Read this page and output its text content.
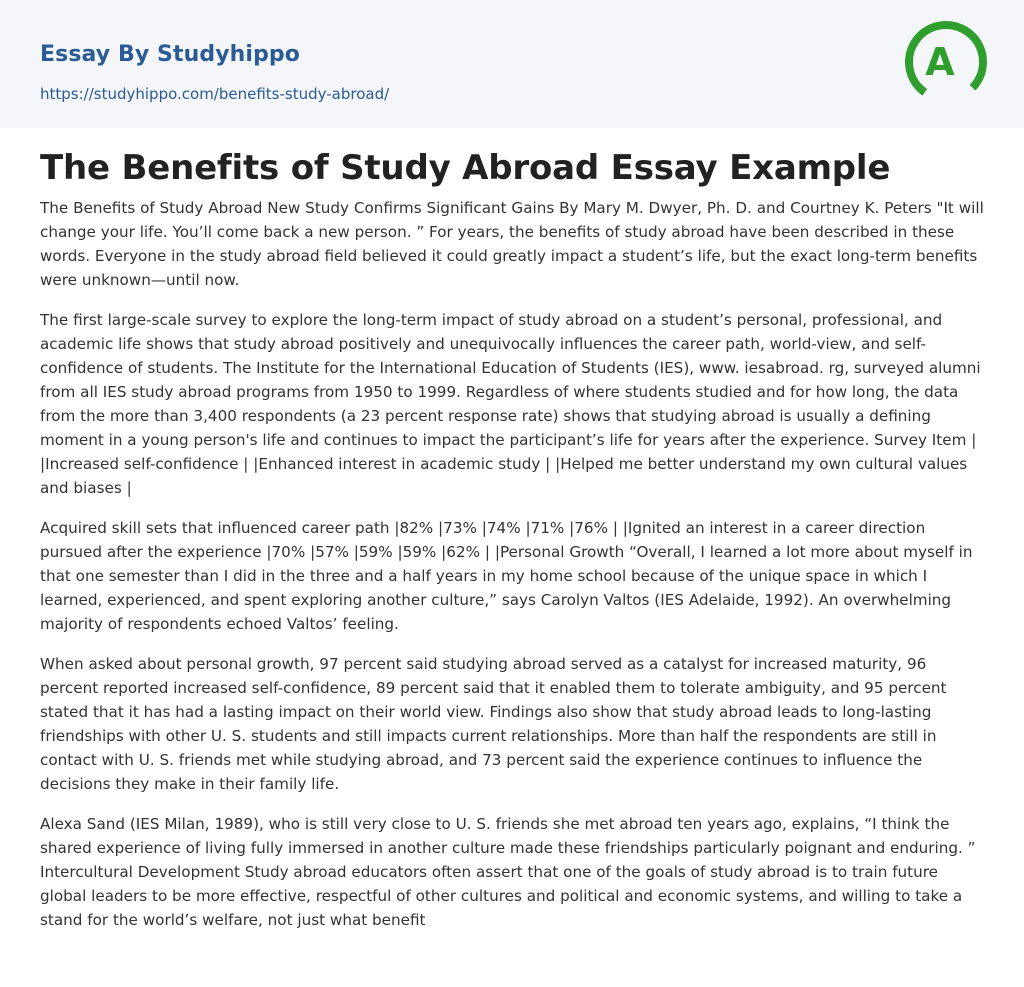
Essay By Studyhippo
https://studyhippo.com/benefits-study-abroad/
A
The Benefits of Study Abroad Essay Example

The Benefits of Study Abroad New Study Confirms Significant Gains By Mary M. Dwyer, Ph. D. and Courtney K. Peters "It will change your life. You’ll come back a new person. ” For years, the benefits of study abroad have been described in these words. Everyone in the study abroad field believed it could greatly impact a student’s life, but the exact long-term benefits were unknown—until now.

The first large-scale survey to explore the long-term impact of study abroad on a student’s personal, professional, and academic life shows that study abroad positively and unequivocally influences the career path, world-view, and self-confidence of students. The Institute for the International Education of Students (IES), www. iesabroad. rg, surveyed alumni from all IES study abroad programs from 1950 to 1999. Regardless of where students studied and for how long, the data from the more than 3,400 respondents (a 23 percent response rate) shows that studying abroad is usually a defining moment in a young person's life and continues to impact the participant’s life for years after the experience. Survey Item | |Increased self-confidence | |Enhanced interest in academic study | |Helped me better understand my own cultural values and biases |

Acquired skill sets that influenced career path |82% |73% |74% |71% |76% | |Ignited an interest in a career direction pursued after the experience |70% |57% |59% |59% |62% | |Personal Growth “Overall, I learned a lot more about myself in that one semester than I did in the three and a half years in my home school because of the unique space in which I learned, experienced, and spent exploring another culture,” says Carolyn Valtos (IES Adelaide, 1992). An overwhelming majority of respondents echoed Valtos’ feeling.

When asked about personal growth, 97 percent said studying abroad served as a catalyst for increased maturity, 96 percent reported increased self-confidence, 89 percent said that it enabled them to tolerate ambiguity, and 95 percent stated that it has had a lasting impact on their world view. Findings also show that study abroad leads to long-lasting friendships with other U. S. students and still impacts current relationships. More than half the respondents are still in contact with U. S. friends met while studying abroad, and 73 percent said the experience continues to influence the decisions they make in their family life.

Alexa Sand (IES Milan, 1989), who is still very close to U. S. friends she met abroad ten years ago, explains, “I think the shared experience of living fully immersed in another culture made these friendships particularly poignant and enduring. ” Intercultural Development Study abroad educators often assert that one of the goals of study abroad is to train future global leaders to be more effective, respectful of other cultures and political and economic systems, and willing to take a stand for the world’s welfare, not just what benefit
